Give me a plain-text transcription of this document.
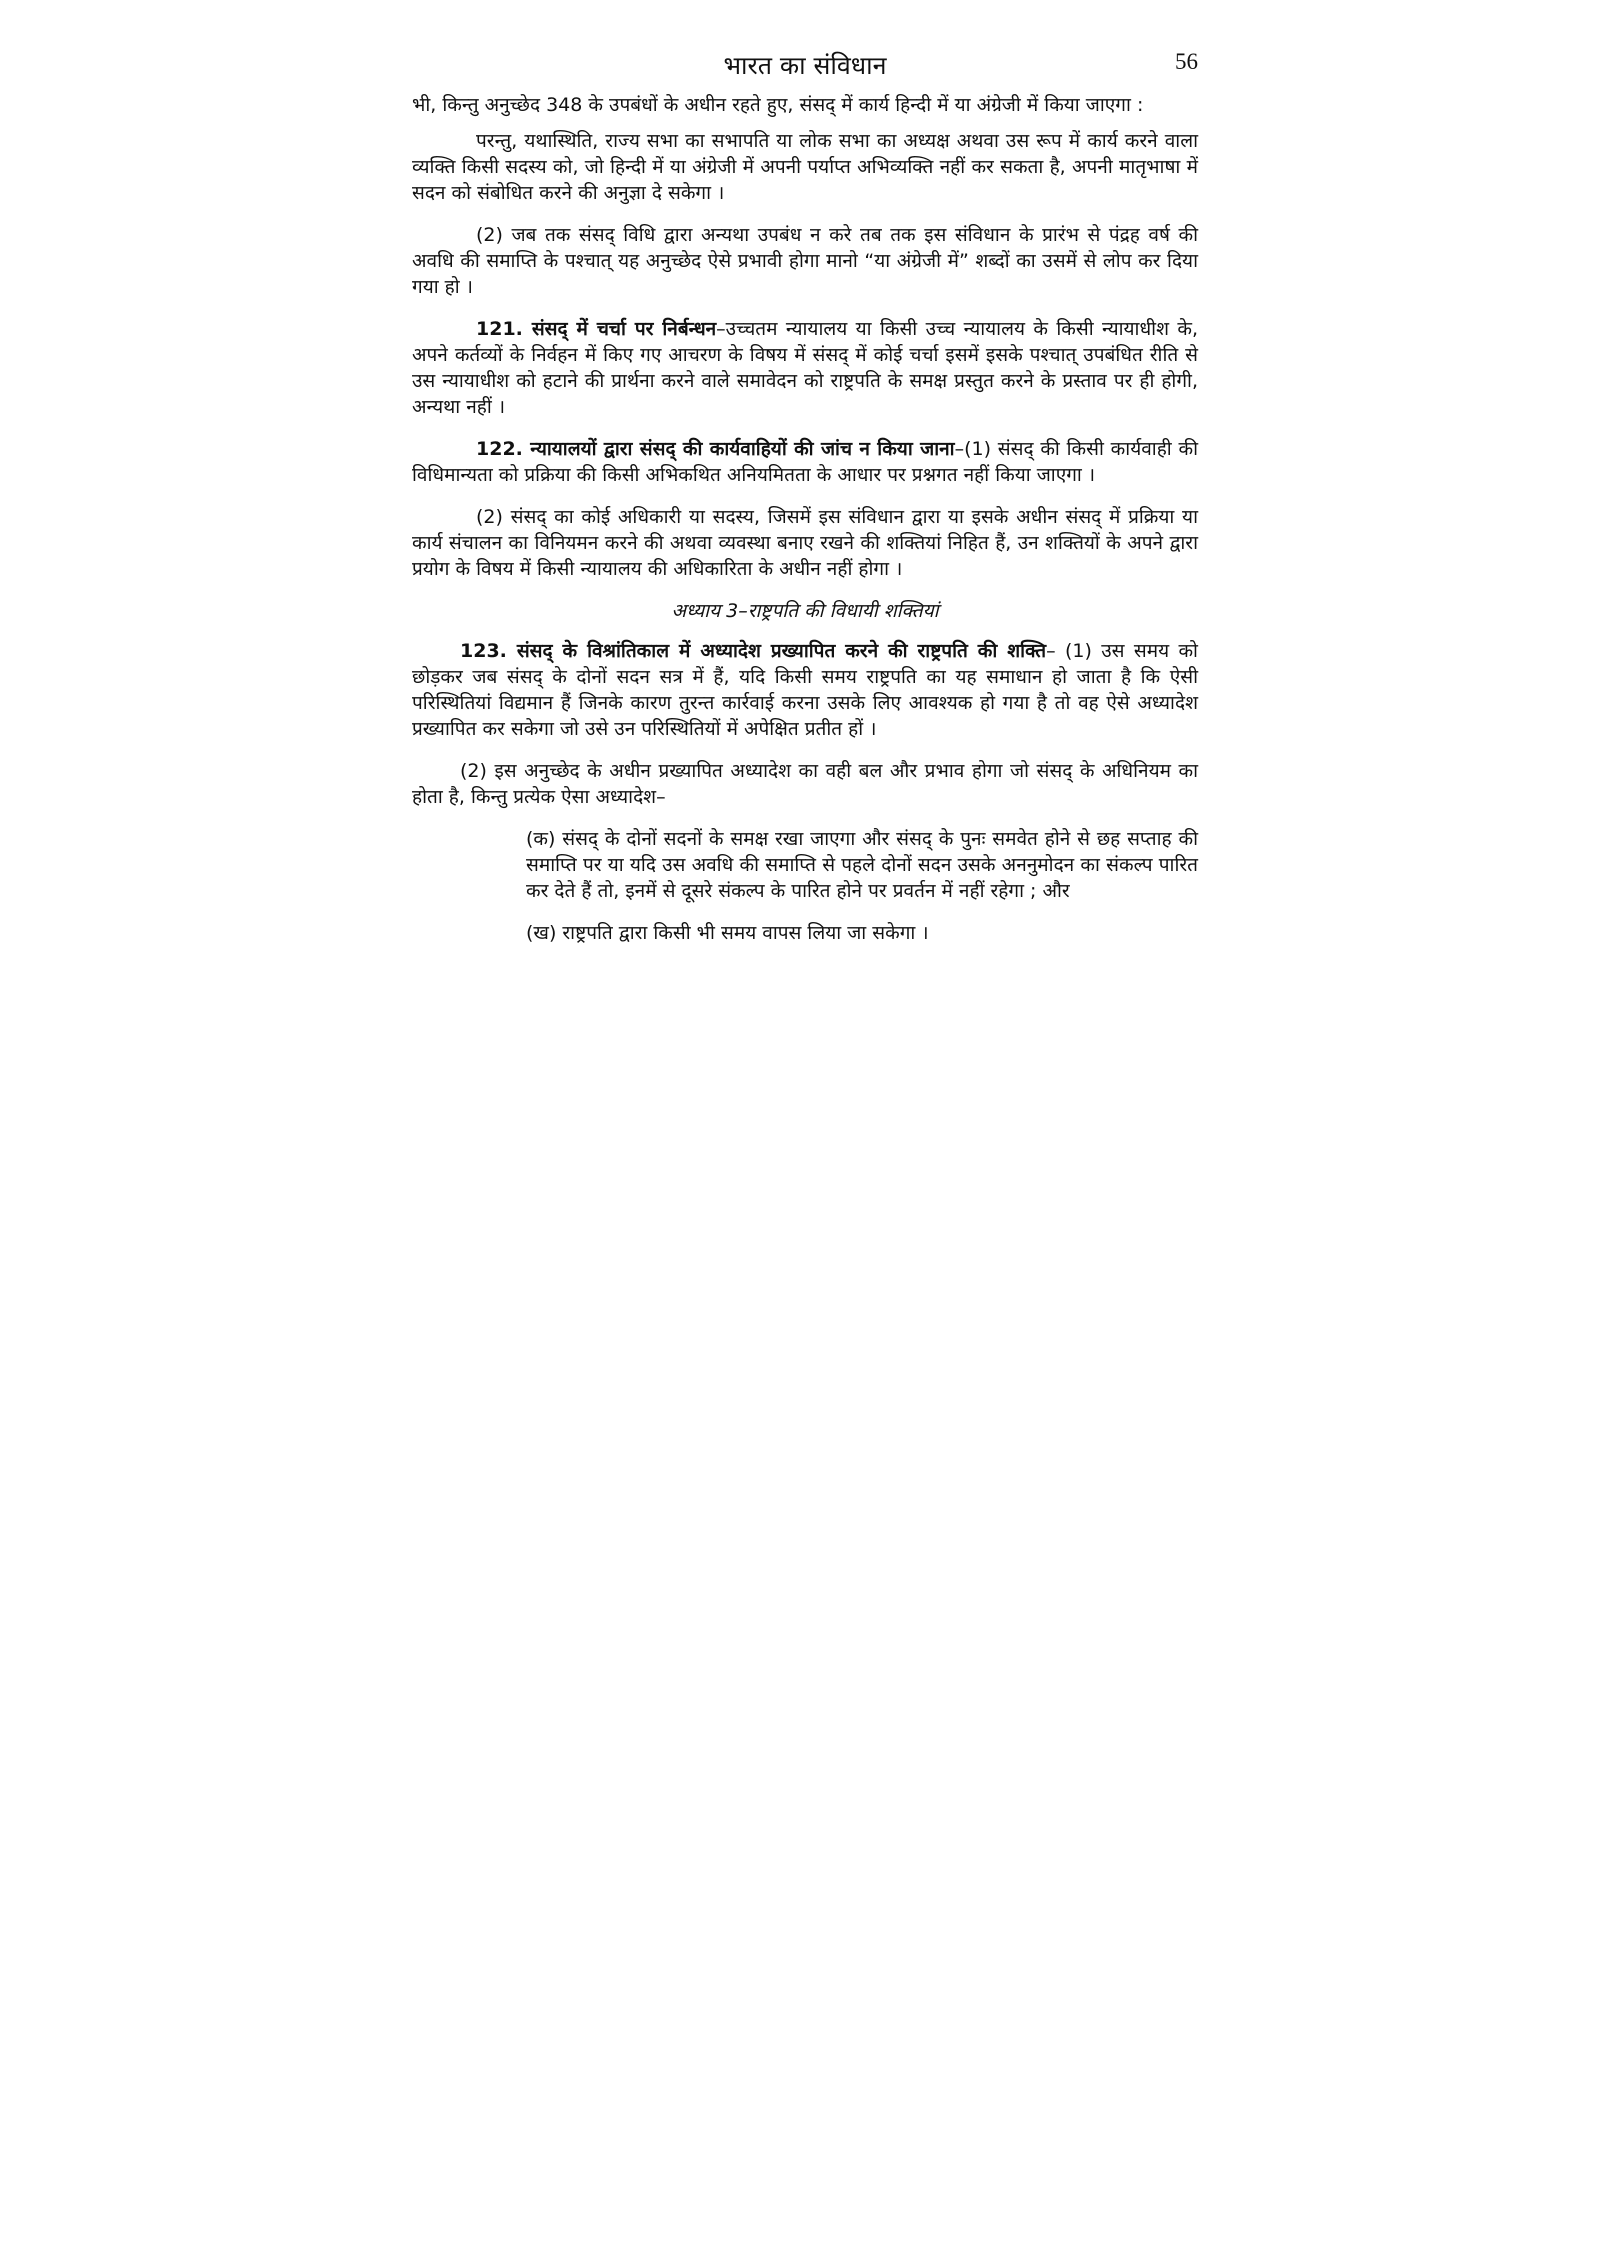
भारत का संविधान	56

भी, किन्तु अनुच्छेद 348 के उपबंधों के अधीन रहते हुए, संसद् में कार्य हिन्दी में या अंग्रेजी में किया जाएगा :

परन्तु, यथास्थिति, राज्य सभा का सभापति या लोक सभा का अध्यक्ष अथवा उस रूप में कार्य करने वाला व्यक्ति किसी सदस्य को, जो हिन्दी में या अंग्रेजी में अपनी पर्याप्त अभिव्यक्ति नहीं कर सकता है, अपनी मातृभाषा में सदन को संबोधित करने की अनुज्ञा दे सकेगा ।

(2) जब तक संसद् विधि द्वारा अन्यथा उपबंध न करे तब तक इस संविधान के प्रारंभ से पंद्रह वर्ष की अवधि की समाप्ति के पश्चात् यह अनुच्छेद ऐसे प्रभावी होगा मानो “या अंग्रेजी में” शब्दों का उसमें से लोप कर दिया गया हो ।

121. संसद् में चर्चा पर निर्बन्धन–उच्चतम न्यायालय या किसी उच्च न्यायालय के किसी न्यायाधीश के, अपने कर्तव्यों के निर्वहन में किए गए आचरण के विषय में संसद् में कोई चर्चा इसमें इसके पश्चात् उपबंधित रीति से उस न्यायाधीश को हटाने की प्रार्थना करने वाले समावेदन को राष्ट्रपति के समक्ष प्रस्तुत करने के प्रस्ताव पर ही होगी, अन्यथा नहीं ।

122. न्यायालयों द्वारा संसद् की कार्यवाहियों की जांच न किया जाना–(1) संसद् की किसी कार्यवाही की विधिमान्यता को प्रक्रिया की किसी अभिकथित अनियमितता के आधार पर प्रश्नगत नहीं किया जाएगा ।

(2) संसद् का कोई अधिकारी या सदस्य, जिसमें इस संविधान द्वारा या इसके अधीन संसद् में प्रक्रिया या कार्य संचालन का विनियमन करने की अथवा व्यवस्था बनाए रखने की शक्तियां निहित हैं, उन शक्तियों के अपने द्वारा प्रयोग के विषय में किसी न्यायालय की अधिकारिता के अधीन नहीं होगा ।

अध्याय 3–राष्ट्रपति की विधायी शक्तियां

123. संसद् के विश्रांतिकाल में अध्यादेश प्रख्यापित करने की राष्ट्रपति की शक्ति– (1) उस समय को छोड़कर जब संसद् के दोनों सदन सत्र में हैं, यदि किसी समय राष्ट्रपति का यह समाधान हो जाता है कि ऐसी परिस्थितियां विद्यमान हैं जिनके कारण तुरन्त कार्रवाई करना उसके लिए आवश्यक हो गया है तो वह ऐसे अध्यादेश प्रख्यापित कर सकेगा जो उसे उन परिस्थितियों में अपेक्षित प्रतीत हों ।

(2) इस अनुच्छेद के अधीन प्रख्यापित अध्यादेश का वही बल और प्रभाव होगा जो संसद् के अधिनियम का होता है, किन्तु प्रत्येक ऐसा अध्यादेश–

(क) संसद् के दोनों सदनों के समक्ष रखा जाएगा और संसद् के पुनः समवेत होने से छह सप्ताह की समाप्ति पर या यदि उस अवधि की समाप्ति से पहले दोनों सदन उसके अननुमोदन का संकल्प पारित कर देते हैं तो, इनमें से दूसरे संकल्प के पारित होने पर प्रवर्तन में नहीं रहेगा ; और

(ख) राष्ट्रपति द्वारा किसी भी समय वापस लिया जा सकेगा ।
